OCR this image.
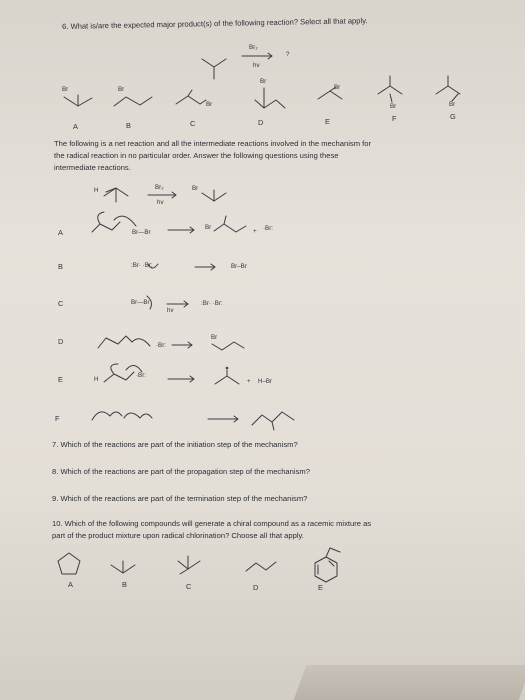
6. What is/are the expected major product(s) of the following reaction? Select all that apply.
Br₂
hv
?
Br	Br
Br
Br
Br
Br	Br
A	B	C	D	E	F	G
The following is a net reaction and all the intermediate reactions involved in the mechanism for
the radical reaction in no particular order. Answer the following questions using these
intermediate reactions.
H	Br₂
hv
Br
A	Br—Br
Br
+ ·Br:
B	:Br· ·Br:	Br–Br
C	Br—Br
hv
:Br· ·Br:
D	·Br:
Br
E	H
·Br:
+ H–Br
F
7. Which of the reactions are part of the initiation step of the mechanism?
8. Which of the reactions are part of the propagation step of the mechanism?
9. Which of the reactions are part of the termination step of the mechanism?
10. Which of the following compounds will generate a chiral compound as a racemic mixture as
part of the product mixture upon radical chlorination? Choose all that apply.
A	B	C	D	E
